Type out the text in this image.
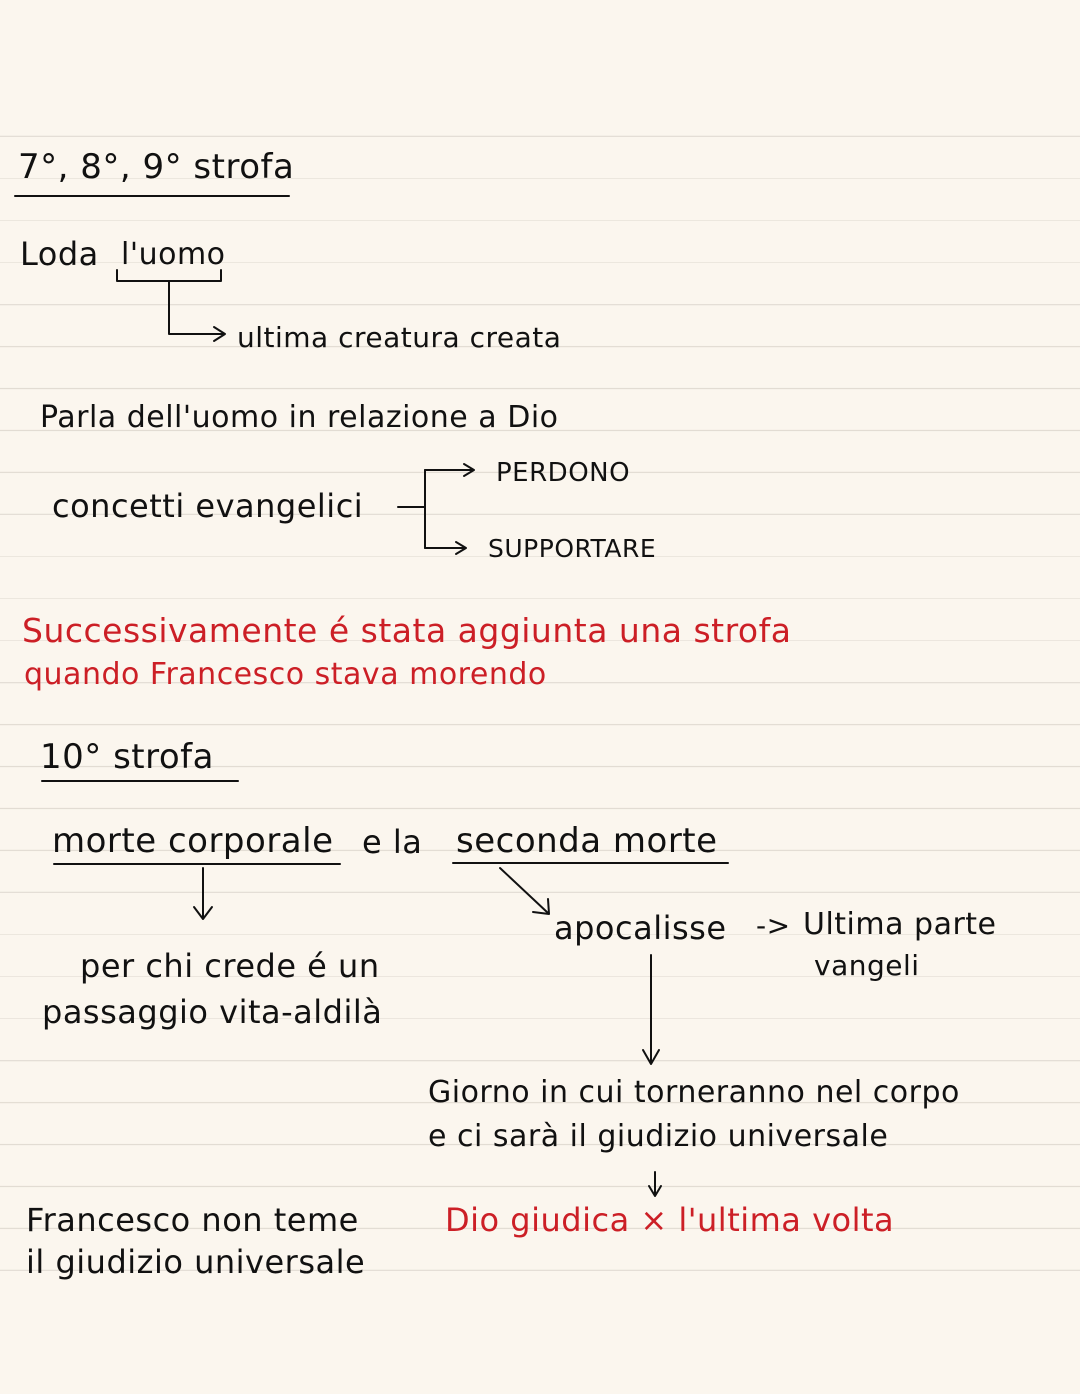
7°, 8°, 9° strofa
Loda l'uomo
ultima creatura creata
Parla dell'uomo in relazione a Dio
concetti evangelici
PERDONO
SUPPORTARE
Successivamente é stata aggiunta una strofa
quando Francesco stava morendo
10° strofa
morte corporale e la seconda morte
per chi crede é un
passaggio vita-aldilà
apocalisse -> Ultima parte
vangeli
Giorno in cui torneranno nel corpo
e ci sarà il giudizio universale
Dio giudica × l'ultima volta
Francesco non teme
il giudizio universale
